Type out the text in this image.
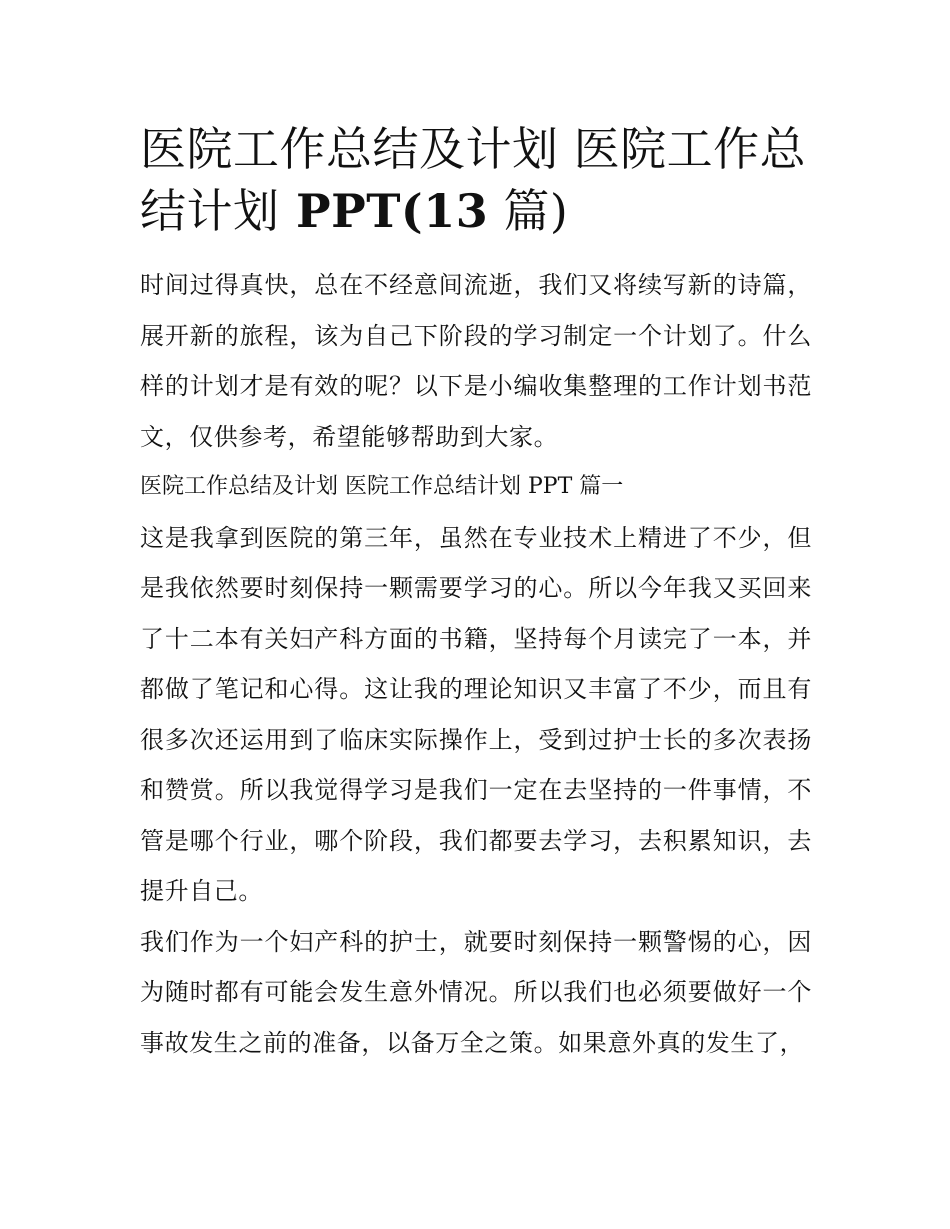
医院工作总结及计划 医院工作总结计划 PPT(13 篇)

时间过得真快，总在不经意间流逝，我们又将续写新的诗篇，展开新的旅程，该为自己下阶段的学习制定一个计划了。什么样的计划才是有效的呢？以下是小编收集整理的工作计划书范文，仅供参考，希望能够帮助到大家。

医院工作总结及计划 医院工作总结计划 PPT 篇一

这是我拿到医院的第三年，虽然在专业技术上精进了不少，但是我依然要时刻保持一颗需要学习的心。所以今年我又买回来了十二本有关妇产科方面的书籍，坚持每个月读完了一本，并都做了笔记和心得。这让我的理论知识又丰富了不少，而且有很多次还运用到了临床实际操作上，受到过护士长的多次表扬和赞赏。所以我觉得学习是我们一定在去坚持的一件事情，不管是哪个行业，哪个阶段，我们都要去学习，去积累知识，去提升自己。

我们作为一个妇产科的护士，就要时刻保持一颗警惕的心，因为随时都有可能会发生意外情况。所以我们也必须要做好一个事故发生之前的准备，以备万全之策。如果意外真的发生了，
